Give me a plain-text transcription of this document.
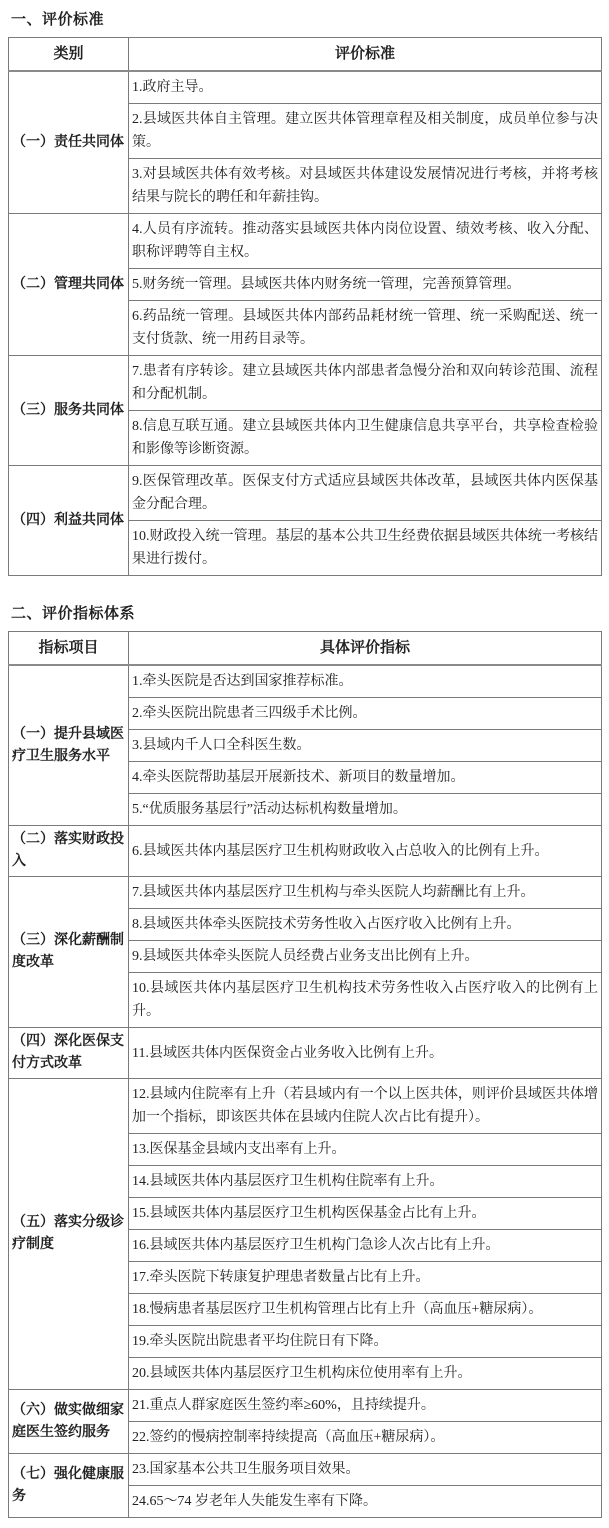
一、评价标准
类别	评价标准
（一）责任共同体	1.政府主导。
	2.县域医共体自主管理。建立医共体管理章程及相关制度，成员单位参与决策。
	3.对县域医共体有效考核。对县域医共体建设发展情况进行考核，并将考核结果与院长的聘任和年薪挂钩。
（二）管理共同体	4.人员有序流转。推动落实县域医共体内岗位设置、绩效考核、收入分配、职称评聘等自主权。
	5.财务统一管理。县域医共体内财务统一管理，完善预算管理。
	6.药品统一管理。县域医共体内部药品耗材统一管理、统一采购配送、统一支付货款、统一用药目录等。
（三）服务共同体	7.患者有序转诊。建立县域医共体内部患者急慢分治和双向转诊范围、流程和分配机制。
	8.信息互联互通。建立县域医共体内卫生健康信息共享平台，共享检查检验和影像等诊断资源。
（四）利益共同体	9.医保管理改革。医保支付方式适应县域医共体改革，县域医共体内医保基金分配合理。
	10.财政投入统一管理。基层的基本公共卫生经费依据县域医共体统一考核结果进行拨付。
二、评价指标体系
指标项目	具体评价指标
（一）提升县域医疗卫生服务水平	1.牵头医院是否达到国家推荐标准。
	2.牵头医院出院患者三四级手术比例。
	3.县域内千人口全科医生数。
	4.牵头医院帮助基层开展新技术、新项目的数量增加。
	5.“优质服务基层行”活动达标机构数量增加。
（二）落实财政投入	6.县域医共体内基层医疗卫生机构财政收入占总收入的比例有上升。
（三）深化薪酬制度改革	7.县域医共体内基层医疗卫生机构与牵头医院人均薪酬比有上升。
	8.县域医共体牵头医院技术劳务性收入占医疗收入比例有上升。
	9.县域医共体牵头医院人员经费占业务支出比例有上升。
	10.县域医共体内基层医疗卫生机构技术劳务性收入占医疗收入的比例有上升。
（四）深化医保支付方式改革	11.县域医共体内医保资金占业务收入比例有上升。
（五）落实分级诊疗制度	12.县域内住院率有上升（若县域内有一个以上医共体，则评价县域医共体增加一个指标，即该医共体在县域内住院人次占比有提升）。
	13.医保基金县域内支出率有上升。
	14.县域医共体内基层医疗卫生机构住院率有上升。
	15.县域医共体内基层医疗卫生机构医保基金占比有上升。
	16.县域医共体内基层医疗卫生机构门急诊人次占比有上升。
	17.牵头医院下转康复护理患者数量占比有上升。
	18.慢病患者基层医疗卫生机构管理占比有上升（高血压+糖尿病）。
	19.牵头医院出院患者平均住院日有下降。
	20.县域医共体内基层医疗卫生机构床位使用率有上升。
（六）做实做细家庭医生签约服务	21.重点人群家庭医生签约率≥60%，且持续提升。
	22.签约的慢病控制率持续提高（高血压+糖尿病）。
（七）强化健康服务	23.国家基本公共卫生服务项目效果。
	24.65～74 岁老年人失能发生率有下降。
